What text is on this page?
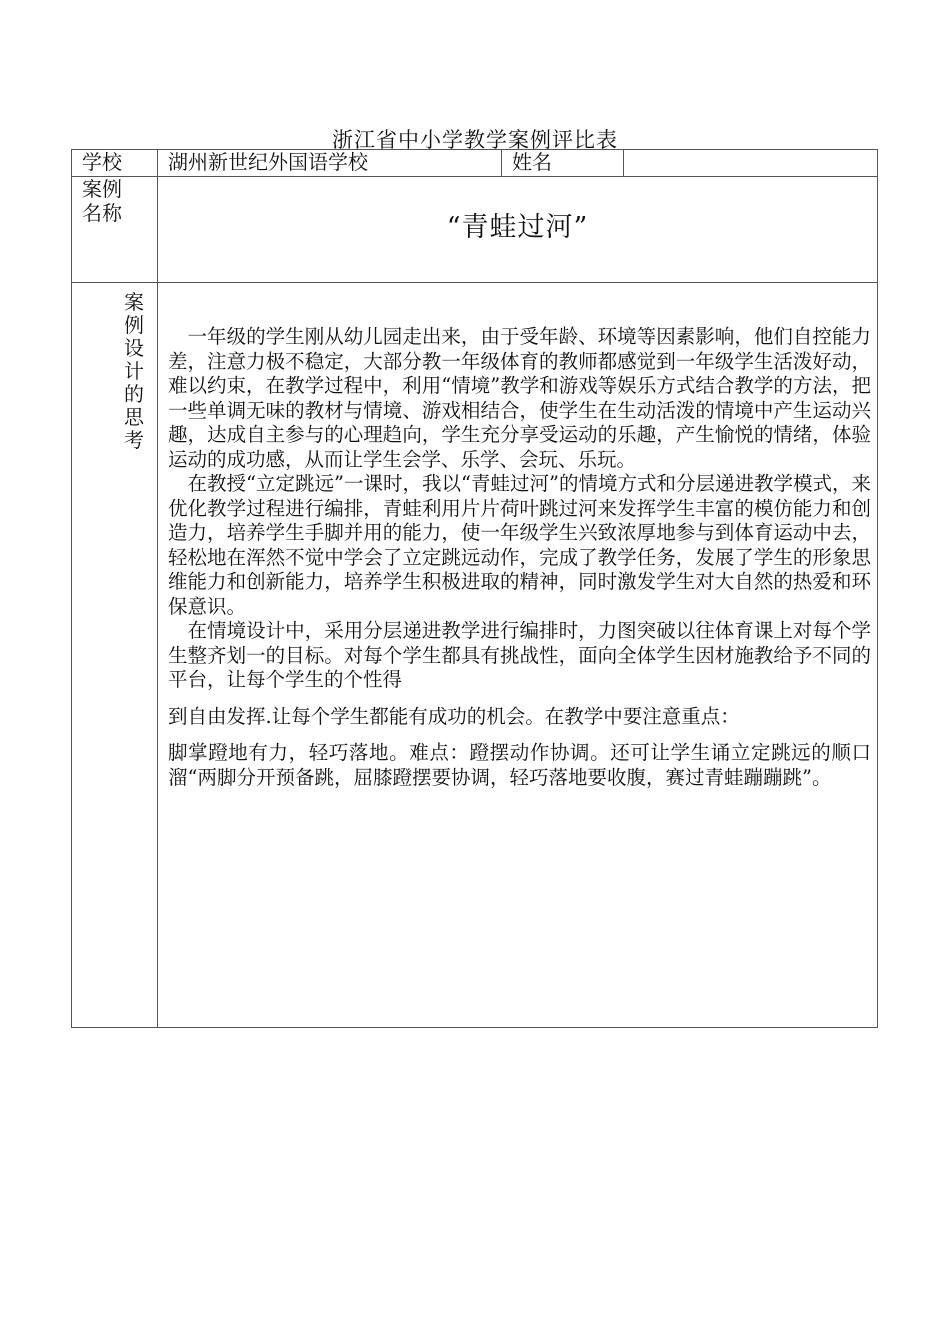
浙江省中小学教学案例评比表
学校	湖州新世纪外国语学校	姓名	

案例名称	“青蛙过河”		

案例设计的思考	　一年级的学生刚从幼儿园走出来，由于受年龄、环境等因素影响，他们自控能力差，注意力极不稳定，大部分教一年级体育的教师都感觉到一年级学生活泼好动，难以约束，在教学过程中，利用“情境”教学和游戏等娱乐方式结合教学的方法，把一些单调无味的教材与情境、游戏相结合，使学生在生动活泼的情境中产生运动兴趣，达成自主参与的心理趋向，学生充分享受运动的乐趣，产生愉悦的情绪，体验运动的成功感，从而让学生会学、乐学、会玩、乐玩。

　在教授“立定跳远”一课时，我以“青蛙过河”的情境方式和分层递进教学模式，来优化教学过程进行编排，青蛙利用片片荷叶跳过河来发挥学生丰富的模仿能力和创造力，培养学生手脚并用的能力，使一年级学生兴致浓厚地参与到体育运动中去，轻松地在浑然不觉中学会了立定跳远动作，完成了教学任务，发展了学生的形象思维能力和创新能力，培养学生积极进取的精神，同时激发学生对大自然的热爱和环保意识。

　在情境设计中，采用分层递进教学进行编排时，力图突破以往体育课上对每个学生整齐划一的目标。对每个学生都具有挑战性，面向全体学生因材施教给予不同的平台，让每个学生的个性得

到自由发挥.让每个学生都能有成功的机会。在教学中要注意重点：

脚掌蹬地有力，轻巧落地。难点：蹬摆动作协调。还可让学生诵立定跳远的顺口溜“两脚分开预备跳，屈膝蹬摆要协调，轻巧落地要收腹，赛过青蛙蹦蹦跳”。		
